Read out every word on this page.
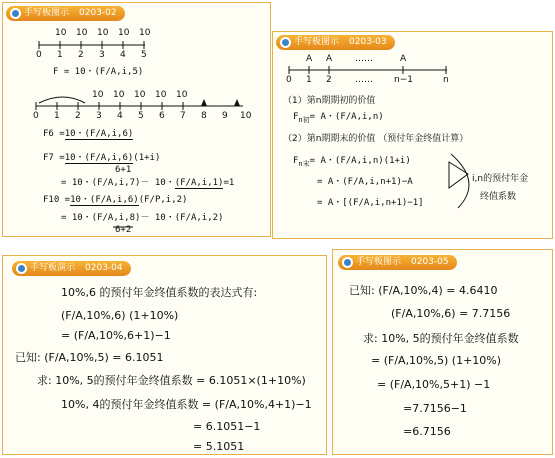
手写板图示 0203-02
10 10 10 10 10
0 1 2 3 4 5
F = 10・(F/A,i,5)
10 10 10 10 10
0 1 2 3 4 5 6 7 8 9 10
F6 =10・(F/A,i,6)
F7 =10・(F/A,i,6)(1+i)
6+1
= 10・(F/A,i,7)－ 10・(F/A,i,1)=1
F10 =10・(F/A,i,6)(F/P,i,2)
= 10・(F/A,i,8)－ 10・(F/A,i,2)
6+2
手写板图示 0203-03
A A	……	A
0 1 2	…… n−1	n
（1）第n期期初的价值
$F_{n初}= A$・(F/A,i,n)
（2）第n期期末的价值 （预付年金终值计算）
$F_{n末}= A$・(F/A,i,n)(1+i)
= A・(F/A,i,n+1)−A
= A・[(F/A,i,n+1)−1]
i,n的预付年金
终值系数
手写板演示 0203-04
10%,6 的预付年金终值系数的表达式有:
(F/A,10%,6) (1+10%)
= (F/A,10%,6+1)−1
已知: (F/A,10%,5) = 6.1051
求: 10%, 5的预付年金终值系数 = 6.1051×(1+10%)
10%, 4的预付年金终值系数 = (F/A,10%,4+1)−1
= 6.1051−1
= 5.1051
手写板图示 0203-05
已知: (F/A,10%,4) = 4.6410
(F/A,10%,6) = 7.7156
求: 10%, 5的预付年金终值系数
= (F/A,10%,5) (1+10%)
= (F/A,10%,5+1) −1
=7.7156−1
=6.7156
